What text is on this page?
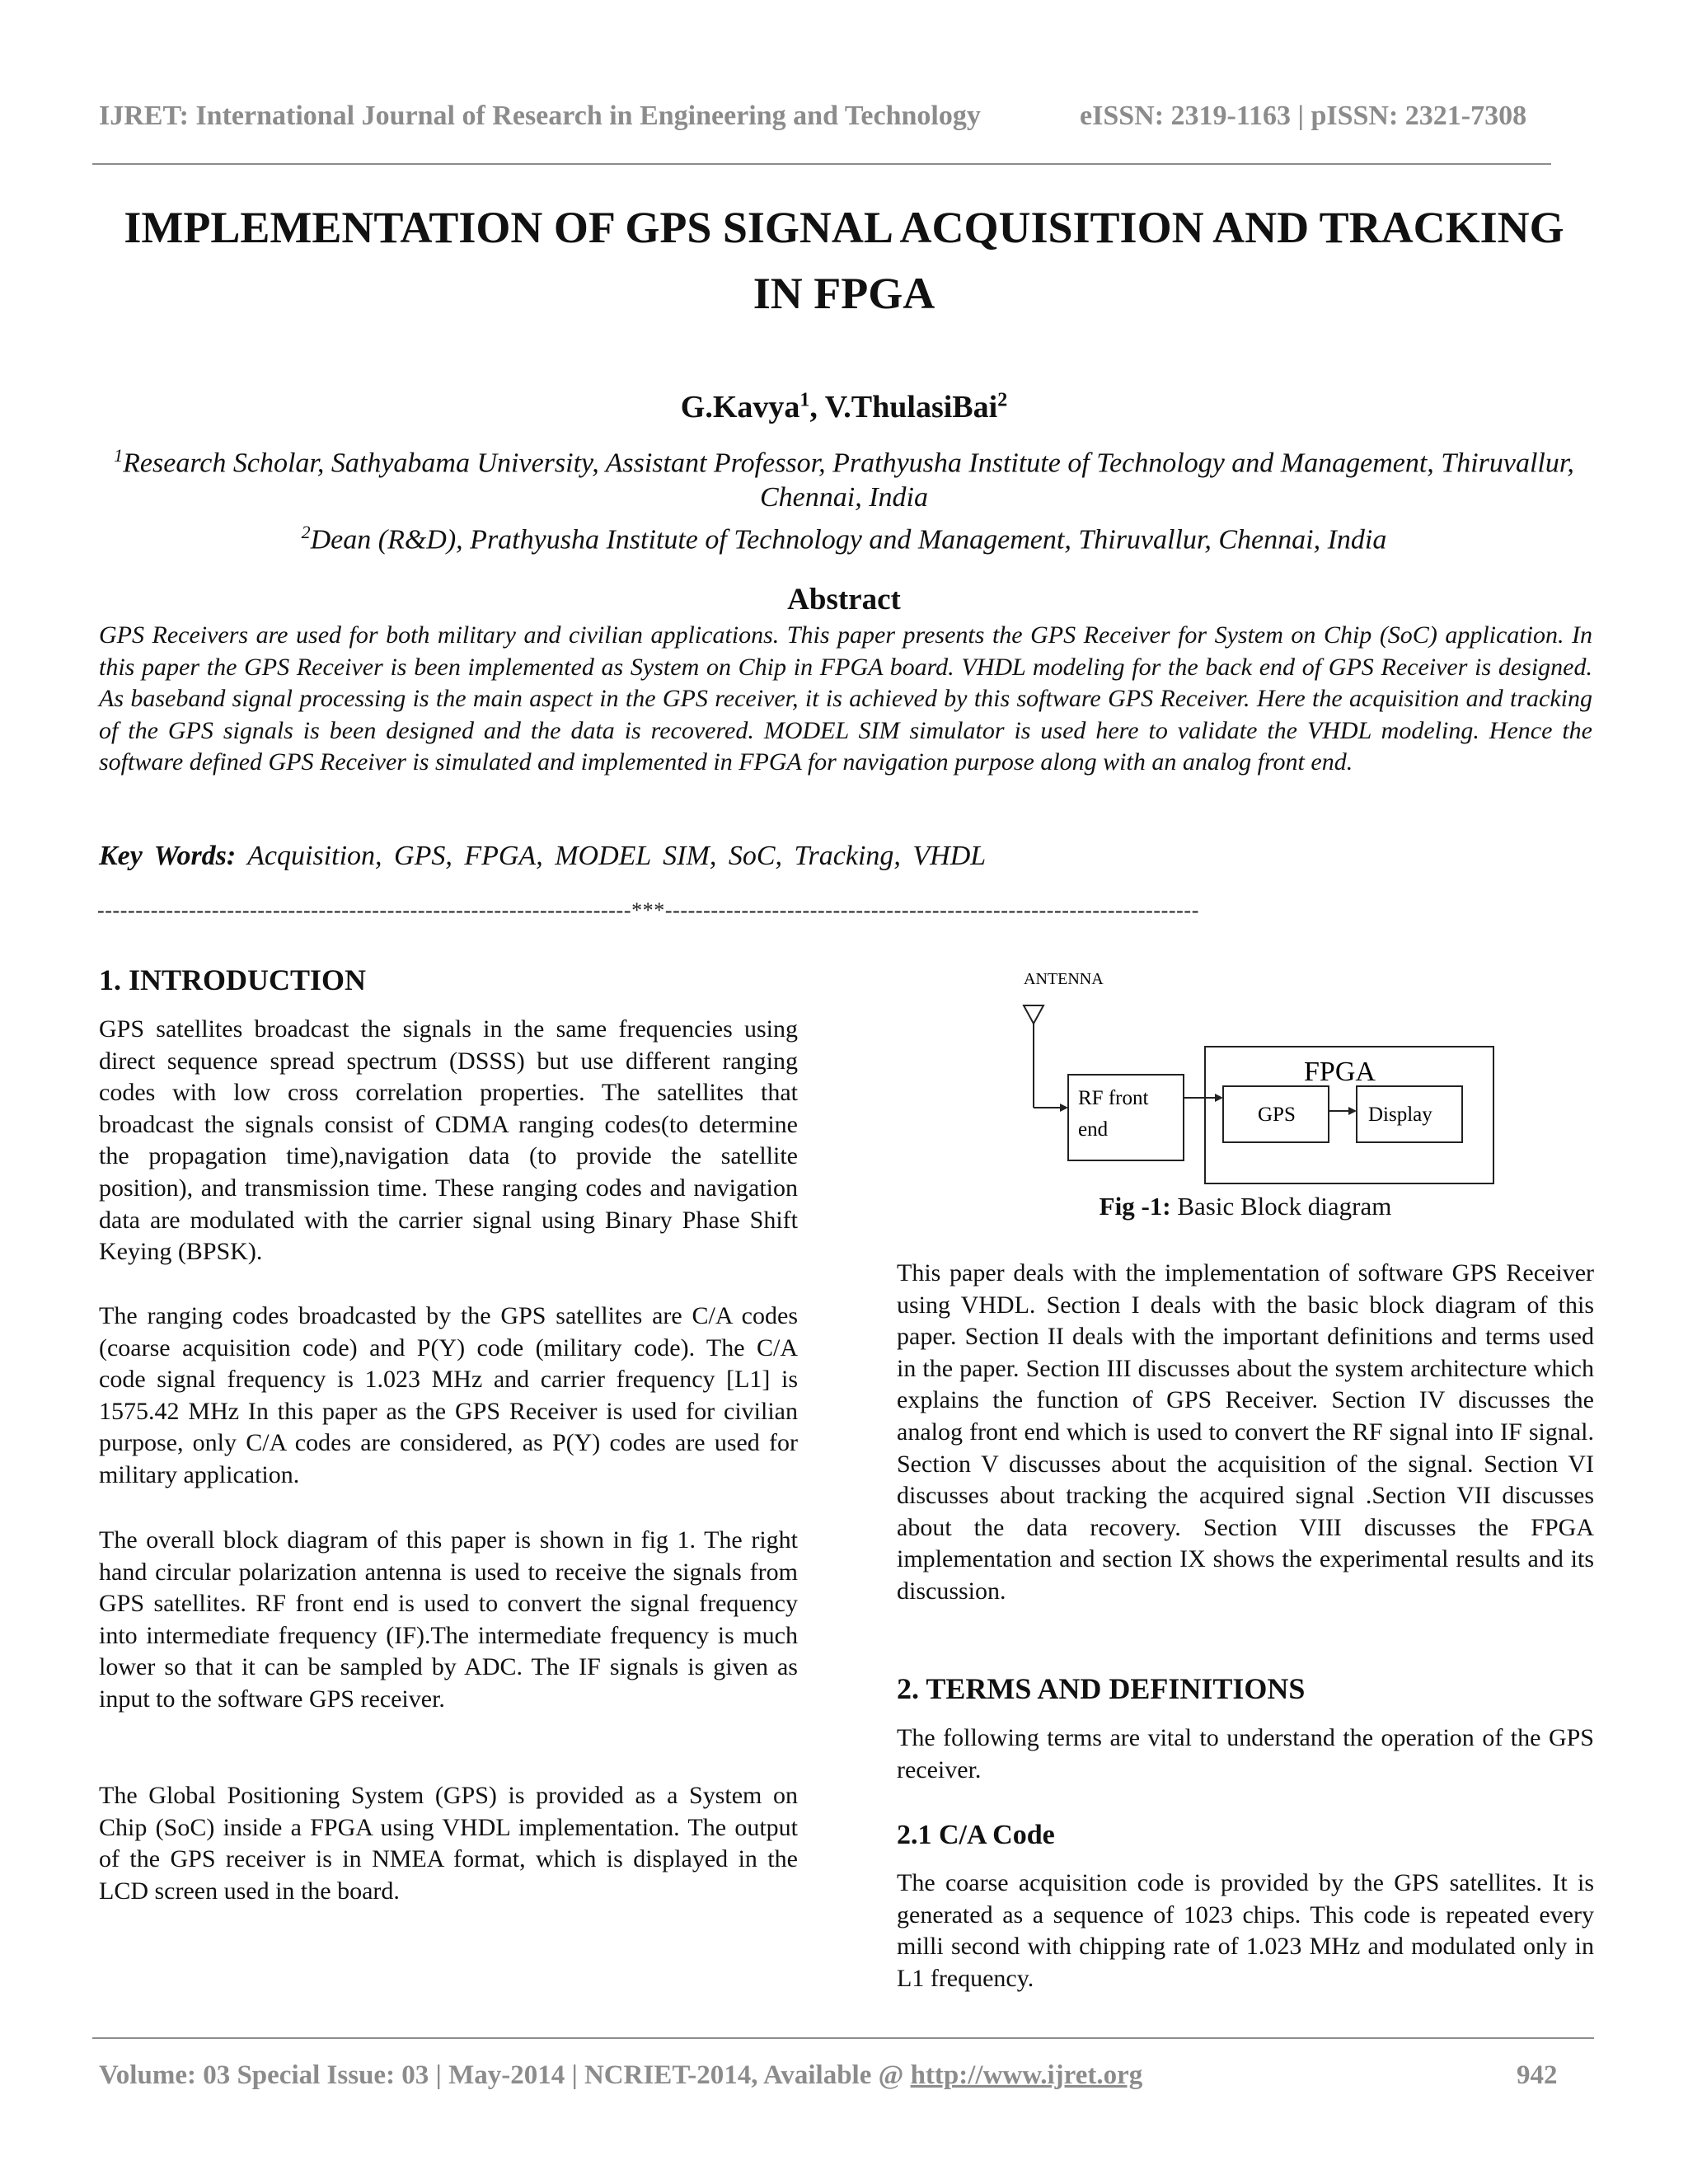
IJRET: International Journal of Research in Engineering and Technology	eISSN: 2319-1163 | pISSN: 2321-7308
IMPLEMENTATION OF GPS SIGNAL ACQUISITION AND TRACKING
IN FPGA
G.Kavya$^1$, V.ThulasiBai$^2$
$^1$Research Scholar, Sathyabama University, Assistant Professor, Prathyusha Institute of Technology and Management, Thiruvallur, Chennai, India
$^2$Dean (R&D), Prathyusha Institute of Technology and Management, Thiruvallur, Chennai, India
Abstract
GPS Receivers are used for both military and civilian applications. This paper presents the GPS Receiver for System on Chip (SoC) application. In this paper the GPS Receiver is been implemented as System on Chip in FPGA board. VHDL modeling for the back end of GPS Receiver is designed. As baseband signal processing is the main aspect in the GPS receiver, it is achieved by this software GPS Receiver. Here the acquisition and tracking of the GPS signals is been designed and the data is recovered. MODEL SIM simulator is used here to validate the VHDL modeling. Hence the software defined GPS Receiver is simulated and implemented in FPGA for navigation purpose along with an analog front end.
Key Words: Acquisition, GPS, FPGA, MODEL SIM, SoC, Tracking, VHDL
----------------------------------------------------------------------***----------------------------------------------------------------------
1. INTRODUCTION
GPS satellites broadcast the signals in the same frequencies using direct sequence spread spectrum (DSSS) but use different ranging codes with low cross correlation properties. The satellites that broadcast the signals consist of CDMA ranging codes(to determine the propagation time),navigation data (to provide the satellite position), and transmission time. These ranging codes and navigation data are modulated with the carrier signal using Binary Phase Shift Keying (BPSK).
The ranging codes broadcasted by the GPS satellites are C/A codes (coarse acquisition code) and P(Y) code (military code). The C/A code signal frequency is 1.023 MHz and carrier frequency [L1] is 1575.42 MHz In this paper as the GPS Receiver is used for civilian purpose, only C/A codes are considered, as P(Y) codes are used for military application.
The overall block diagram of this paper is shown in fig 1. The right hand circular polarization antenna is used to receive the signals from GPS satellites. RF front end is used to convert the signal frequency into intermediate frequency (IF).The intermediate frequency is much lower so that it can be sampled by ADC. The IF signals is given as input to the software GPS receiver.
The Global Positioning System (GPS) is provided as a System on Chip (SoC) inside a FPGA using VHDL implementation. The output of the GPS receiver is in NMEA format, which is displayed in the LCD screen used in the board.
ANTENNA
RF front
end
FPGA
GPS	Display
Fig -1: Basic Block diagram
This paper deals with the implementation of software GPS Receiver using VHDL. Section I deals with the basic block diagram of this paper. Section II deals with the important definitions and terms used in the paper. Section III discusses about the system architecture which explains the function of GPS Receiver. Section IV discusses the analog front end which is used to convert the RF signal into IF signal. Section V discusses about the acquisition of the signal. Section VI discusses about tracking the acquired signal .Section VII discusses about the data recovery. Section VIII discusses the FPGA implementation and section IX shows the experimental results and its discussion.
2. TERMS AND DEFINITIONS
The following terms are vital to understand the operation of the GPS receiver.
2.1 C/A Code
The coarse acquisition code is provided by the GPS satellites. It is generated as a sequence of 1023 chips. This code is repeated every milli second with chipping rate of 1.023 MHz and modulated only in L1 frequency.
Volume: 03 Special Issue: 03 | May-2014 | NCRIET-2014, Available @ http://www.ijret.org	942
